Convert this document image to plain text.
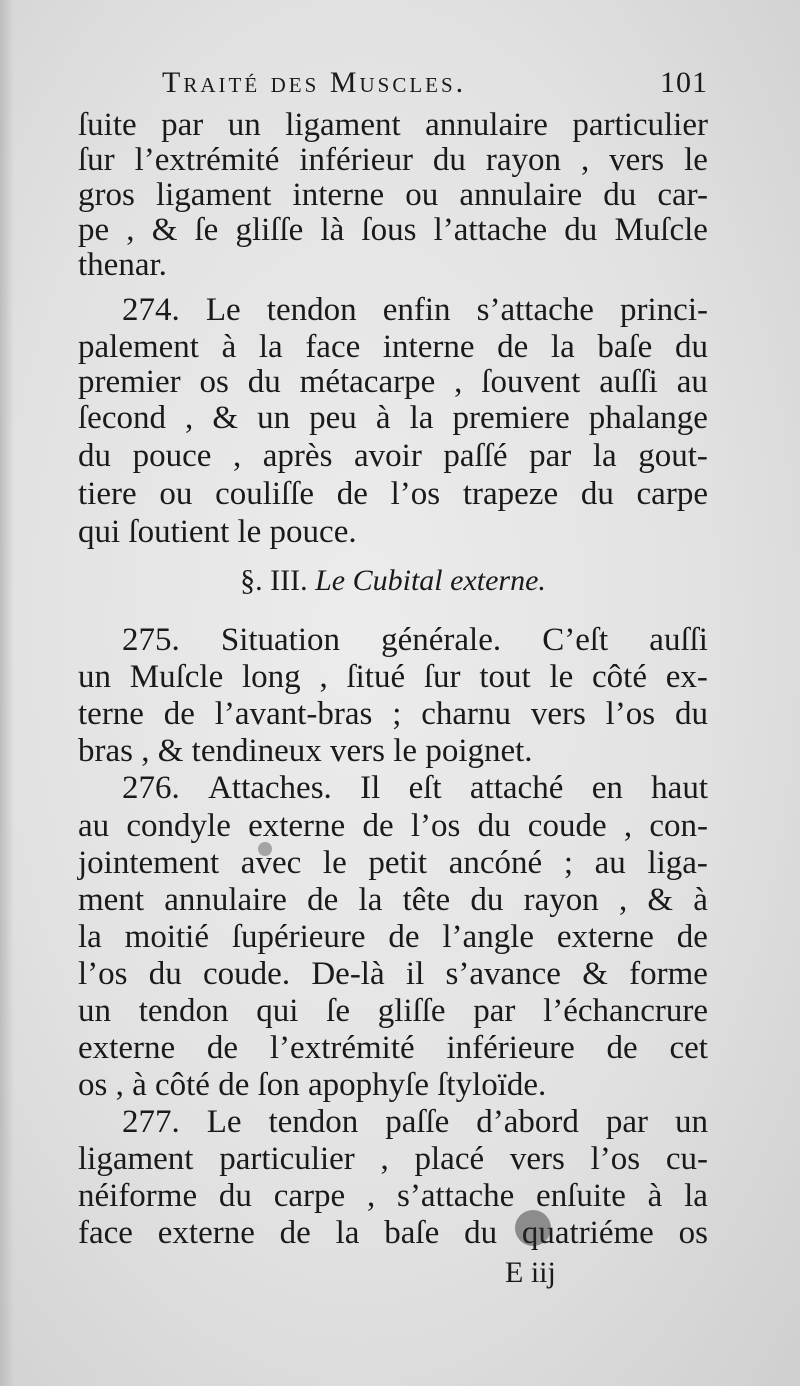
Traité des Muscles.	101
ſuite par un ligament annulaire particulier
ſur l’extrémité inférieur du rayon , vers le
gros ligament interne ou annulaire du car-
pe , & ſe gliſſe là ſous l’attache du Muſcle
thenar.
274. Le tendon enfin s’attache princi-
palement à la face interne de la baſe du
premier os du métacarpe , ſouvent auſſi au
ſecond , & un peu à la premiere phalange
du pouce , après avoir paſſé par la gout-
tiere ou couliſſe de l’os trapeze du carpe
qui ſoutient le pouce.
§. III. Le Cubital externe.
275. Situation générale. C’eſt auſſi
un Muſcle long , ſitué ſur tout le côté ex-
terne de l’avant-bras ; charnu vers l’os du
bras , & tendineux vers le poignet.
276. Attaches. Il eſt attaché en haut
au condyle externe de l’os du coude , con-
jointement avec le petit ancóné ; au liga-
ment annulaire de la tête du rayon , & à
la moitié ſupérieure de l’angle externe de
l’os du coude. De-là il s’avance & forme
un tendon qui ſe gliſſe par l’échancrure
externe de l’extrémité inférieure de cet
os , à côté de ſon apophyſe ſtyloïde.
277. Le tendon paſſe d’abord par un
ligament particulier , placé vers l’os cu-
néiforme du carpe , s’attache enſuite à la
face externe de la baſe du quatriéme os
E iij
